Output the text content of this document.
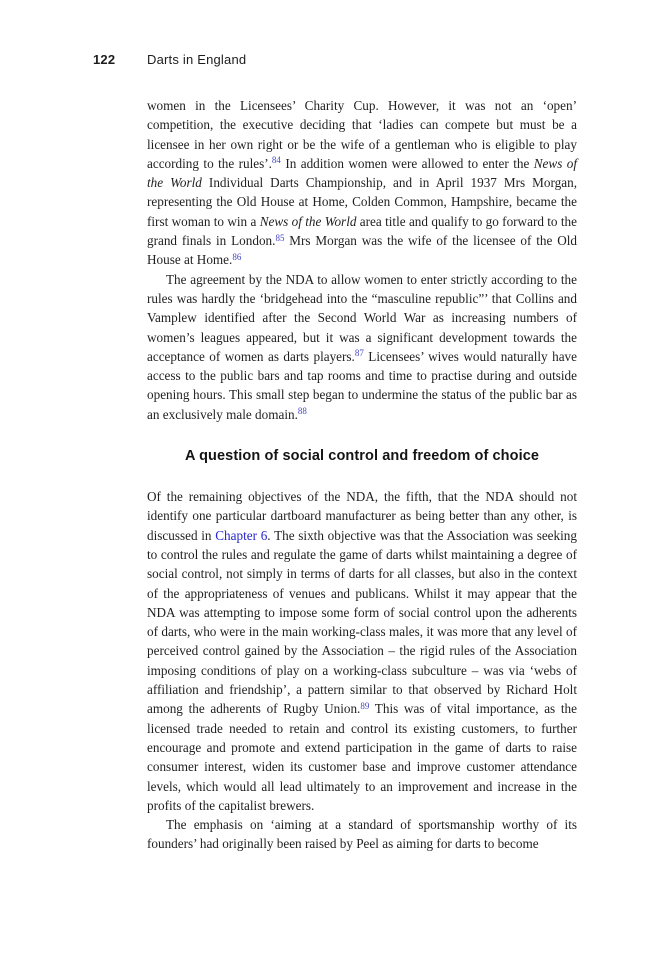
122	Darts in England

women in the Licensees’ Charity Cup. However, it was not an ‘open’ competition, the executive deciding that ‘ladies can compete but must be a licensee in her own right or be the wife of a gentleman who is eligible to play according to the rules’.$^{84}$ In addition women were allowed to enter the News of the World Individual Darts Championship, and in April 1937 Mrs Morgan, representing the Old House at Home, Colden Common, Hampshire, became the first woman to win a News of the World area title and qualify to go forward to the grand finals in London.$^{85}$ Mrs Morgan was the wife of the licensee of the Old House at Home.$^{86}$

The agreement by the NDA to allow women to enter strictly according to the rules was hardly the ‘bridgehead into the “masculine republic”’ that Collins and Vamplew identified after the Second World War as increasing numbers of women’s leagues appeared, but it was a significant development towards the acceptance of women as darts players.$^{87}$ Licensees’ wives would naturally have access to the public bars and tap rooms and time to practise during and outside opening hours. This small step began to undermine the status of the public bar as an exclusively male domain.$^{88}$

A question of social control and freedom of choice

Of the remaining objectives of the NDA, the fifth, that the NDA should not identify one particular dartboard manufacturer as being better than any other, is discussed in Chapter 6. The sixth objective was that the Association was seeking to control the rules and regulate the game of darts whilst maintaining a degree of social control, not simply in terms of darts for all classes, but also in the context of the appropriateness of venues and publicans. Whilst it may appear that the NDA was attempting to impose some form of social control upon the adherents of darts, who were in the main working-class males, it was more that any level of perceived control gained by the Association – the rigid rules of the Association imposing conditions of play on a working-class subculture – was via ‘webs of affiliation and friendship’, a pattern similar to that observed by Richard Holt among the adherents of Rugby Union.$^{89}$ This was of vital importance, as the licensed trade needed to retain and control its existing customers, to further encourage and promote and extend participation in the game of darts to raise consumer interest, widen its customer base and improve customer attendance levels, which would all lead ultimately to an improvement and increase in the profits of the capitalist brewers.

The emphasis on ‘aiming at a standard of sportsmanship worthy of its founders’ had originally been raised by Peel as aiming for darts to become
